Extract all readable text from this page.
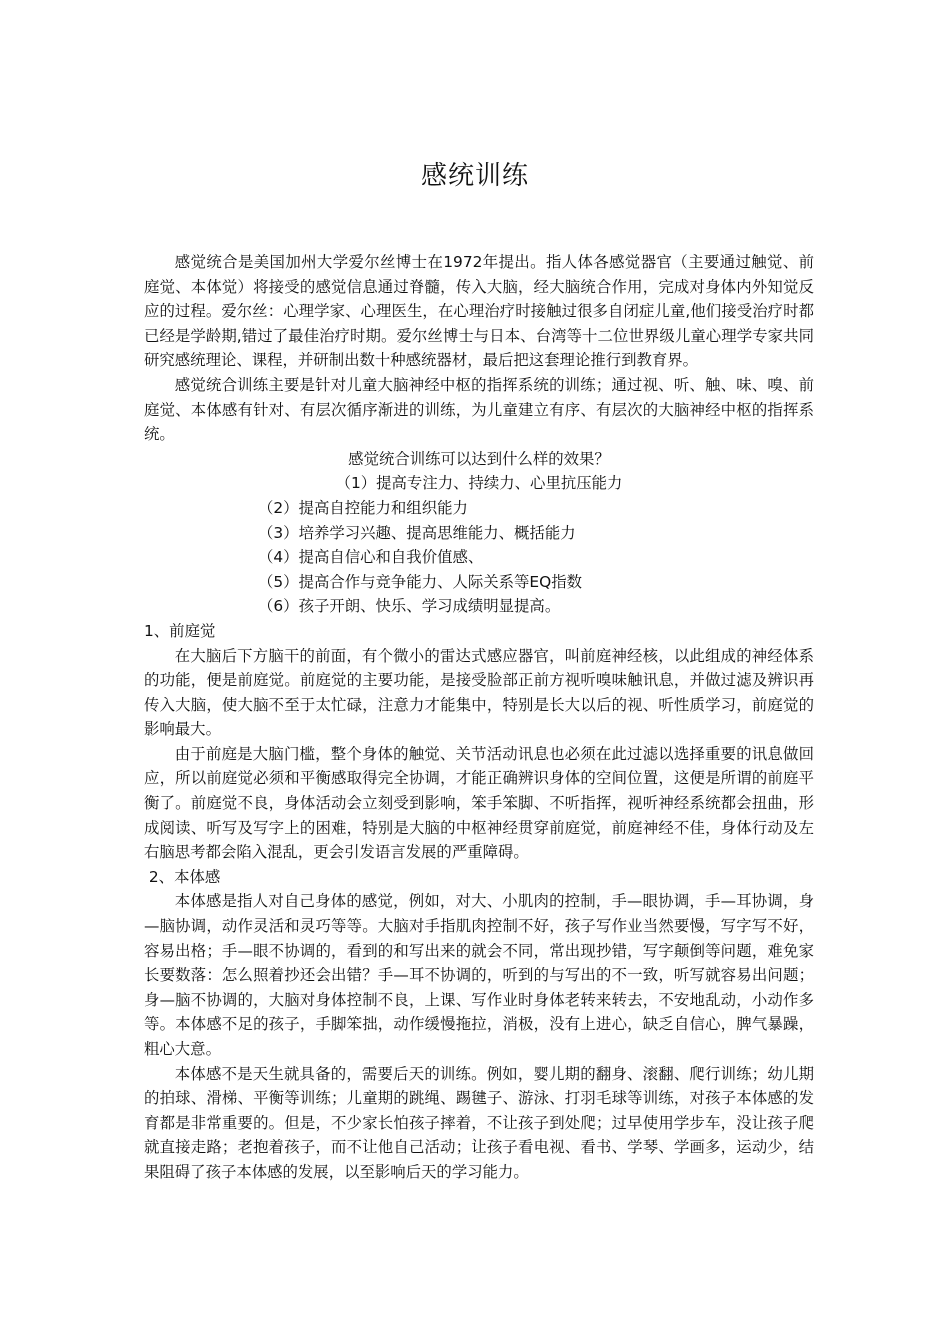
感统训练

感觉统合是美国加州大学爱尔丝博士在1972年提出。指人体各感觉器官（主要通过触觉、前庭觉、本体觉）将接受的感觉信息通过脊髓，传入大脑，经大脑统合作用，完成对身体内外知觉反应的过程。爱尔丝：心理学家、心理医生，在心理治疗时接触过很多自闭症儿童,他们接受治疗时都已经是学龄期,错过了最佳治疗时期。爱尔丝博士与日本、台湾等十二位世界级儿童心理学专家共同研究感统理论、课程，并研制出数十种感统器材，最后把这套理论推行到教育界。

感觉统合训练主要是针对儿童大脑神经中枢的指挥系统的训练；通过视、听、触、味、嗅、前庭觉、本体感有针对、有层次循序渐进的训练，为儿童建立有序、有层次的大脑神经中枢的指挥系统。

感觉统合训练可以达到什么样的效果？

（1）提高专注力、持续力、心里抗压能力

（2）提高自控能力和组织能力

（3）培养学习兴趣、提高思维能力、概括能力

（4）提高自信心和自我价值感、

（5）提高合作与竞争能力、人际关系等EQ指数

（6）孩子开朗、快乐、学习成绩明显提高。

1、前庭觉

在大脑后下方脑干的前面，有个微小的雷达式感应器官，叫前庭神经核，以此组成的神经体系的功能，便是前庭觉。前庭觉的主要功能，是接受脸部正前方视听嗅味触讯息，并做过滤及辨识再传入大脑，使大脑不至于太忙碌，注意力才能集中，特别是长大以后的视、听性质学习，前庭觉的影响最大。

由于前庭是大脑门槛，整个身体的触觉、关节活动讯息也必须在此过滤以选择重要的讯息做回应，所以前庭觉必须和平衡感取得完全协调，才能正确辨识身体的空间位置，这便是所谓的前庭平衡了。前庭觉不良，身体活动会立刻受到影响，笨手笨脚、不听指挥，视听神经系统都会扭曲，形成阅读、听写及写字上的困难，特别是大脑的中枢神经贯穿前庭觉，前庭神经不佳，身体行动及左右脑思考都会陷入混乱，更会引发语言发展的严重障碍。

2、本体感

本体感是指人对自己身体的感觉，例如，对大、小肌肉的控制，手—眼协调，手—耳协调，身—脑协调，动作灵活和灵巧等等。大脑对手指肌肉控制不好，孩子写作业当然要慢，写字写不好，容易出格；手—眼不协调的，看到的和写出来的就会不同，常出现抄错，写字颠倒等问题，难免家长要数落：怎么照着抄还会出错？手—耳不协调的，听到的与写出的不一致，听写就容易出问题；身—脑不协调的，大脑对身体控制不良，上课、写作业时身体老转来转去，不安地乱动，小动作多等。本体感不足的孩子，手脚笨拙，动作缓慢拖拉，消极，没有上进心，缺乏自信心，脾气暴躁，粗心大意。

本体感不是天生就具备的，需要后天的训练。例如，婴儿期的翻身、滚翻、爬行训练；幼儿期的拍球、滑梯、平衡等训练；儿童期的跳绳、踢毽子、游泳、打羽毛球等训练，对孩子本体感的发育都是非常重要的。但是，不少家长怕孩子摔着，不让孩子到处爬；过早使用学步车，没让孩子爬就直接走路；老抱着孩子，而不让他自己活动；让孩子看电视、看书、学琴、学画多，运动少，结果阻碍了孩子本体感的发展，以至影响后天的学习能力。
